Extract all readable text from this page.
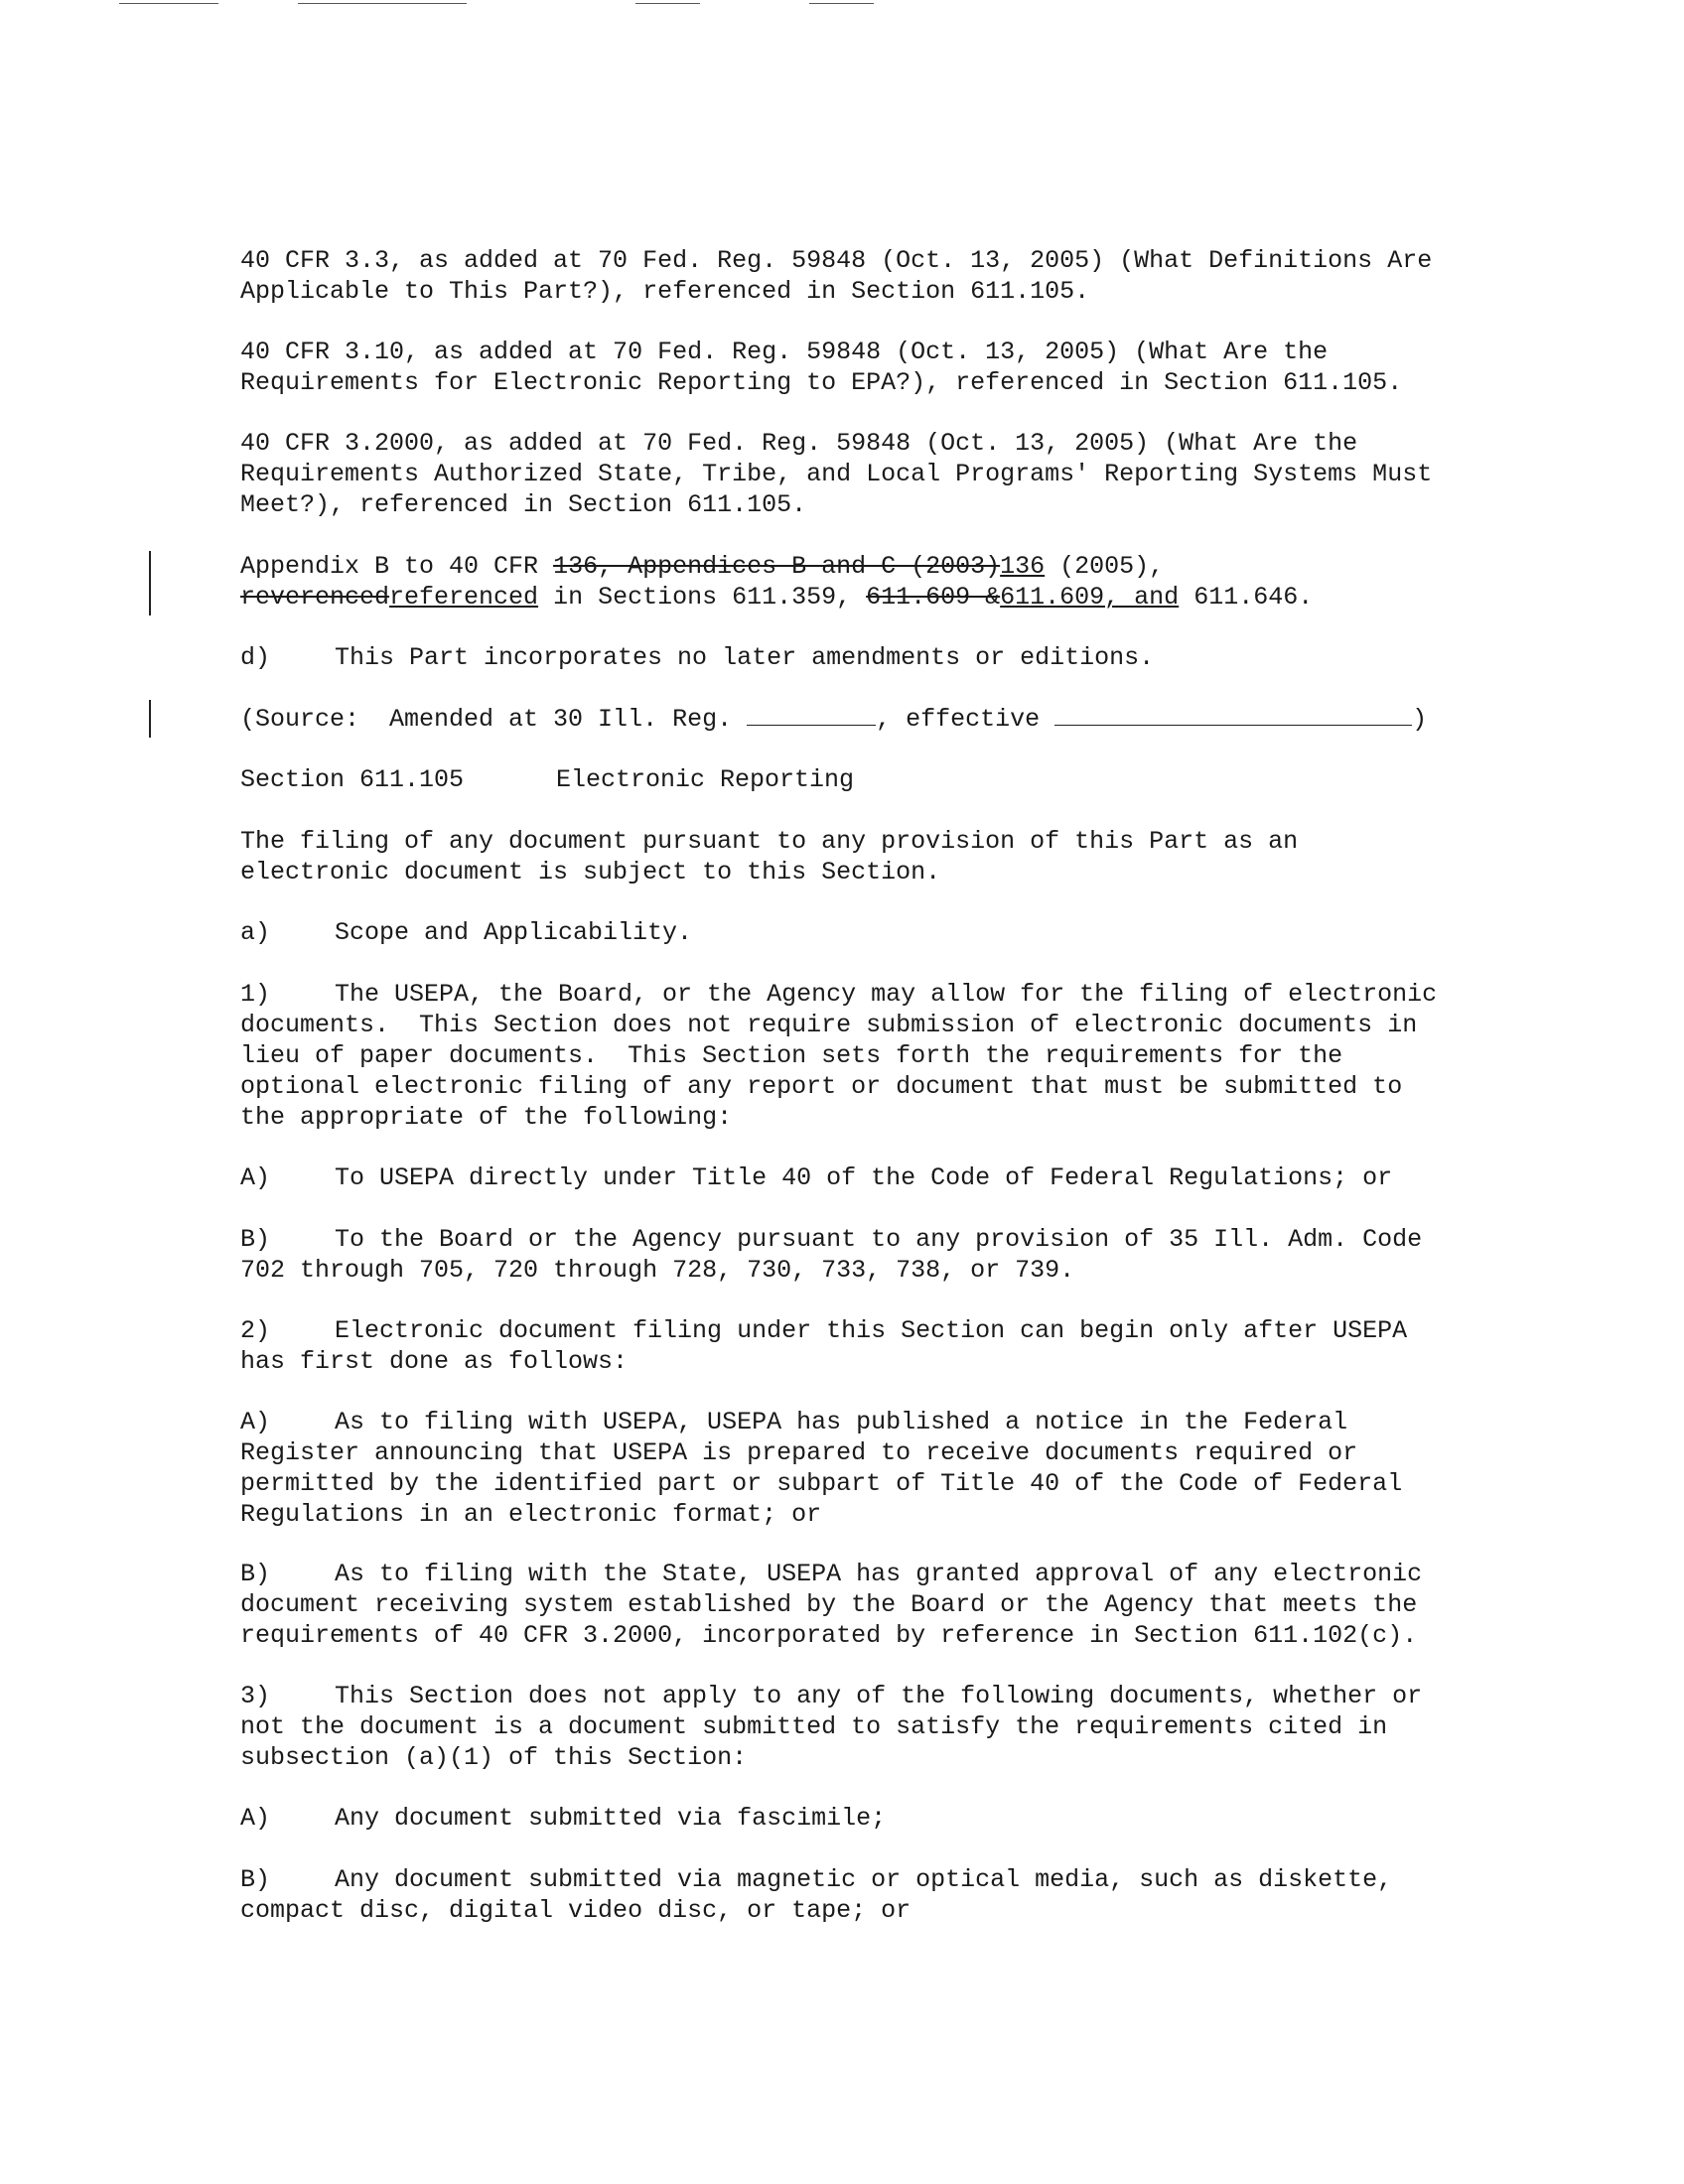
40 CFR 3.3, as added at 70 Fed. Reg. 59848 (Oct. 13, 2005) (What Definitions Are
Applicable to This Part?), referenced in Section 611.105.
40 CFR 3.10, as added at 70 Fed. Reg. 59848 (Oct. 13, 2005) (What Are the
Requirements for Electronic Reporting to EPA?), referenced in Section 611.105.
40 CFR 3.2000, as added at 70 Fed. Reg. 59848 (Oct. 13, 2005) (What Are the
Requirements Authorized State, Tribe, and Local Programs' Reporting Systems Must
Meet?), referenced in Section 611.105.
Appendix B to 40 CFR 136, Appendices B and C (2003)136 (2005),
reverencedreferenced in Sections 611.359, 611.609 &611.609, and 611.646.
d)	This Part incorporates no later amendments or editions.
(Source:  Amended at 30 Ill. Reg.	, effective	)
Section 611.105	Electronic Reporting
The filing of any document pursuant to any provision of this Part as an
electronic document is subject to this Section.
a)	Scope and Applicability.
1)	The USEPA, the Board, or the Agency may allow for the filing of electronic
documents.  This Section does not require submission of electronic documents in
lieu of paper documents.  This Section sets forth the requirements for the
optional electronic filing of any report or document that must be submitted to
the appropriate of the following:
A)	To USEPA directly under Title 40 of the Code of Federal Regulations; or
B)	To the Board or the Agency pursuant to any provision of 35 Ill. Adm. Code
702 through 705, 720 through 728, 730, 733, 738, or 739.
2)	Electronic document filing under this Section can begin only after USEPA
has first done as follows:
A)	As to filing with USEPA, USEPA has published a notice in the Federal
Register announcing that USEPA is prepared to receive documents required or
permitted by the identified part or subpart of Title 40 of the Code of Federal
Regulations in an electronic format; or
B)	As to filing with the State, USEPA has granted approval of any electronic
document receiving system established by the Board or the Agency that meets the
requirements of 40 CFR 3.2000, incorporated by reference in Section 611.102(c).
3)	This Section does not apply to any of the following documents, whether or
not the document is a document submitted to satisfy the requirements cited in
subsection (a)(1) of this Section:
A)	Any document submitted via fascimile;
B)	Any document submitted via magnetic or optical media, such as diskette,
compact disc, digital video disc, or tape; or
